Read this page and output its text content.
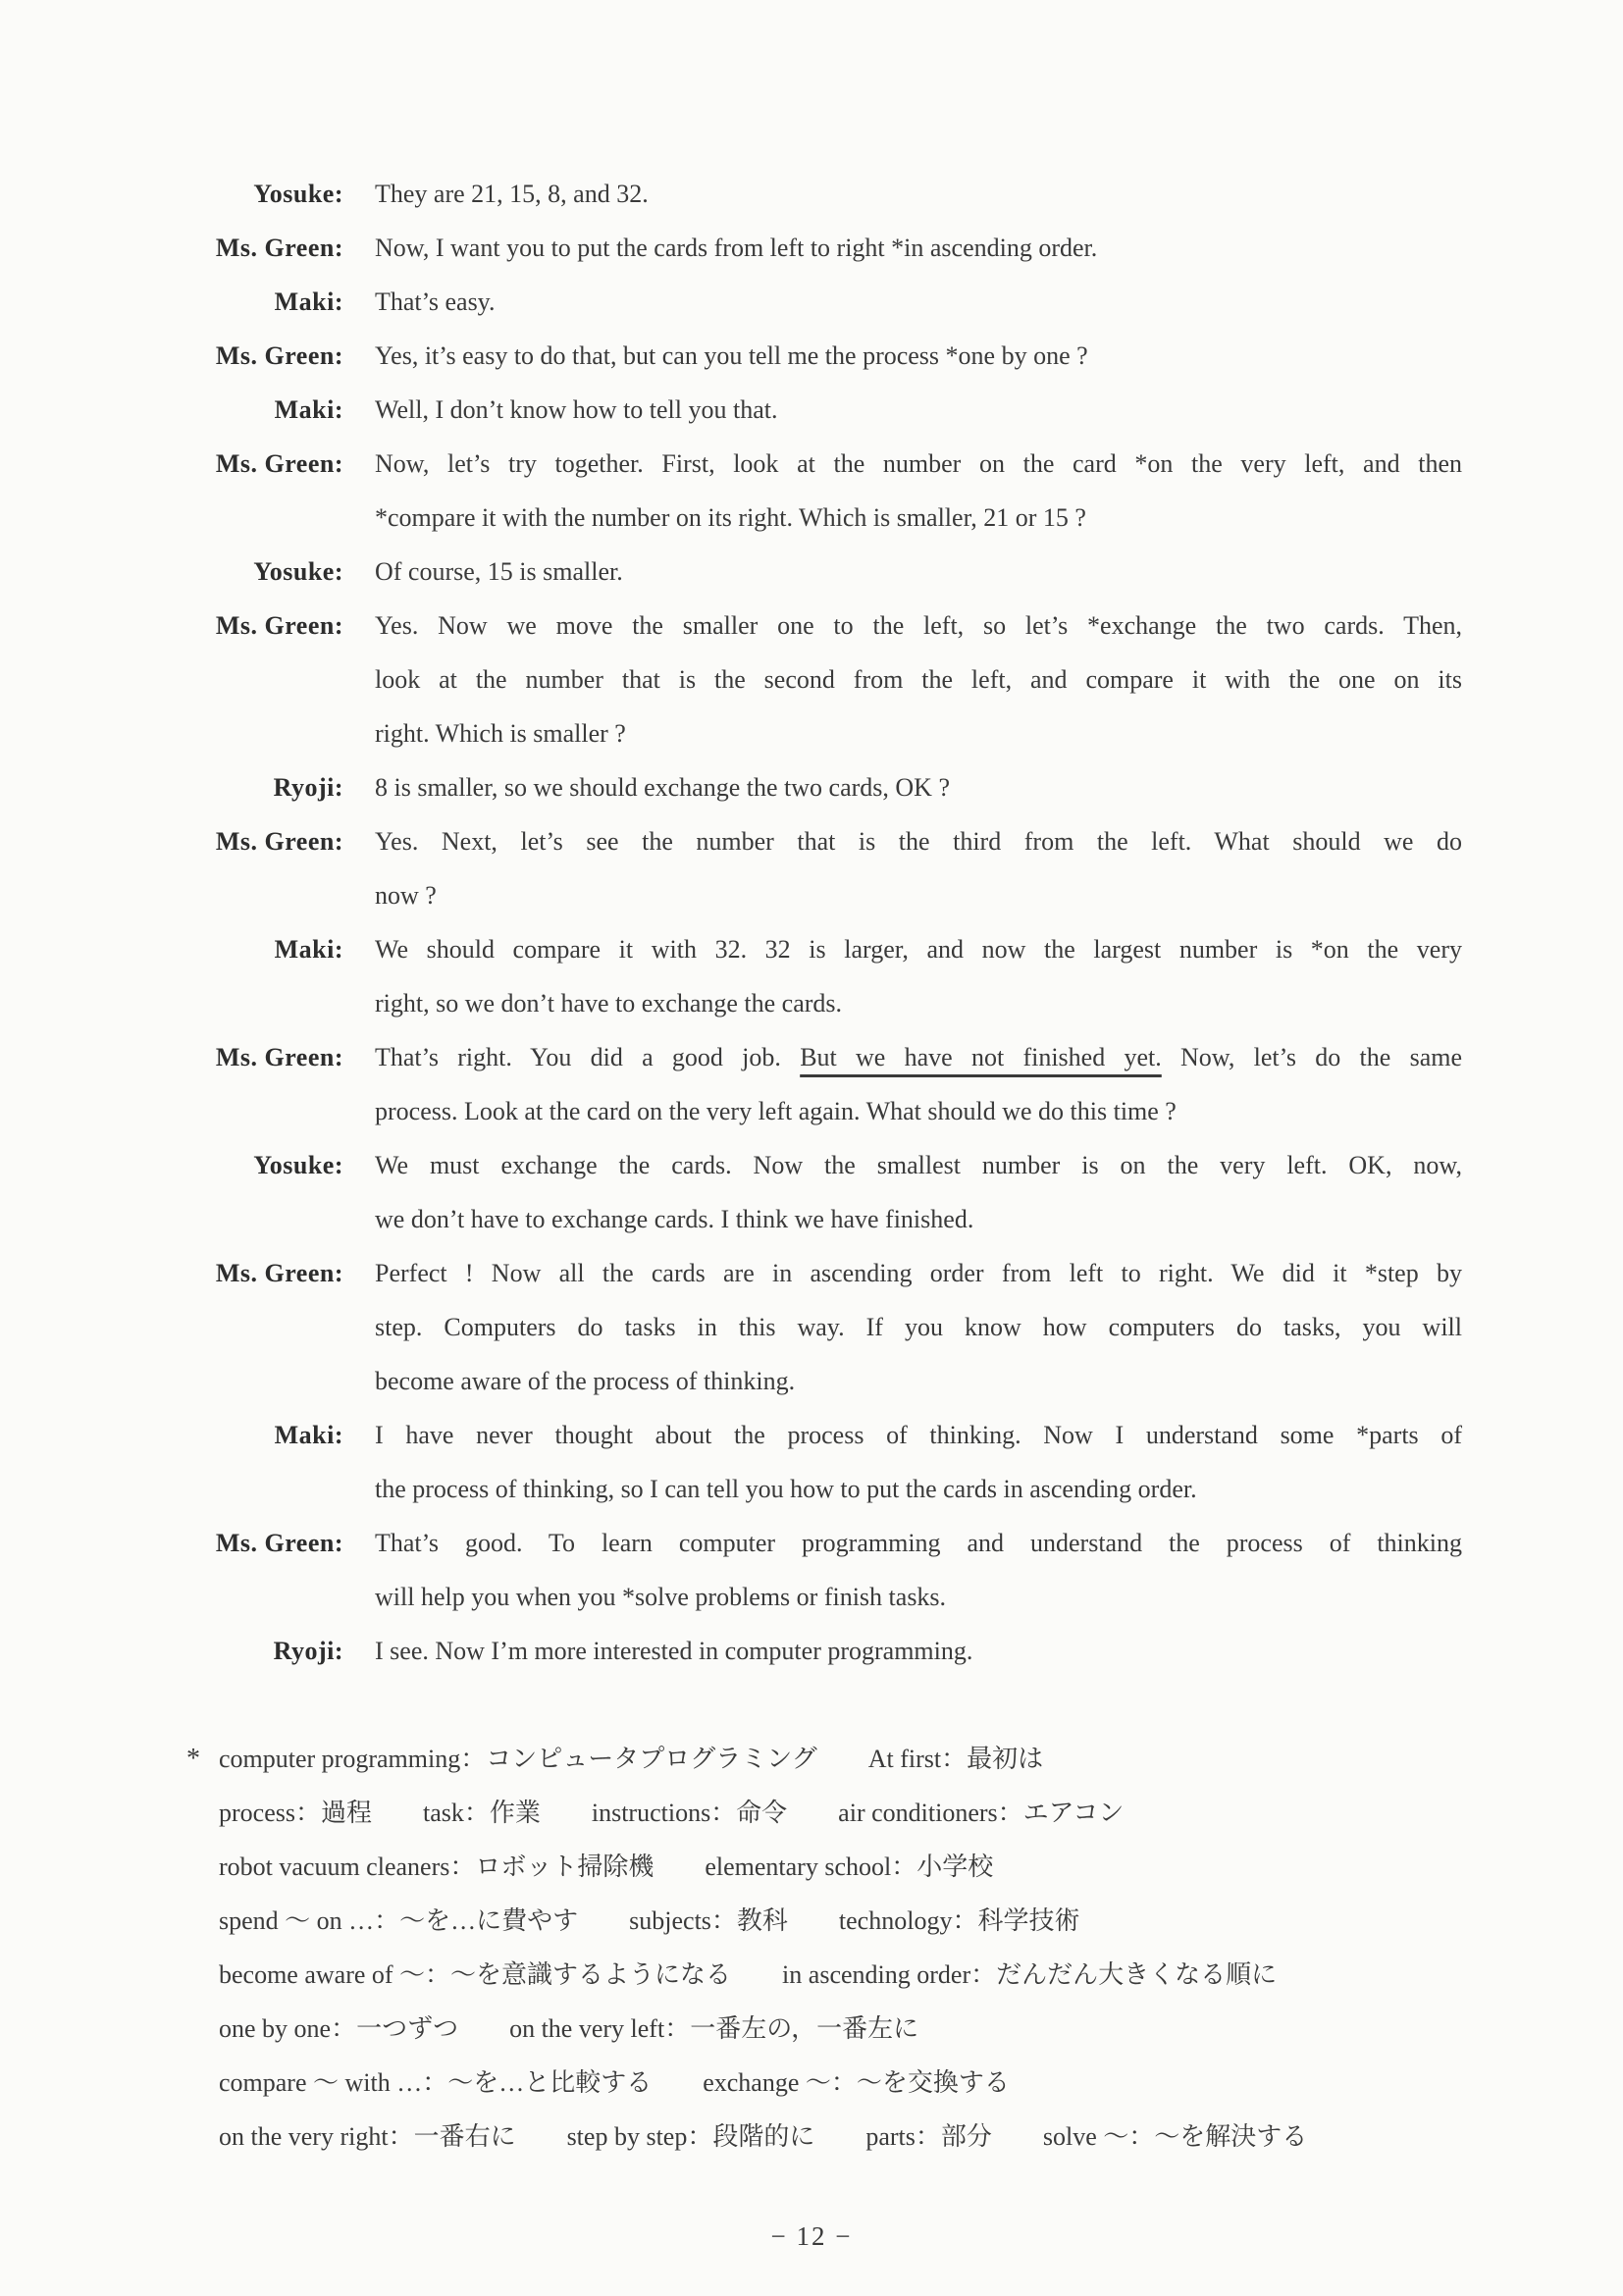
Yosuke: They are 21, 15, 8, and 32.
Ms. Green: Now, I want you to put the cards from left to right *in ascending order.
Maki: That’s easy.
Ms. Green: Yes, it’s easy to do that, but can you tell me the process *one by one ?
Maki: Well, I don’t know how to tell you that.
Ms. Green: Now, let’s try together. First, look at the number on the card *on the very left, and then
*compare it with the number on its right. Which is smaller, 21 or 15 ?
Yosuke: Of course, 15 is smaller.
Ms. Green: Yes. Now we move the smaller one to the left, so let’s *exchange the two cards. Then,
look at the number that is the second from the left, and compare it with the one on its
right. Which is smaller ?
Ryoji: 8 is smaller, so we should exchange the two cards, OK ?
Ms. Green: Yes. Next, let’s see the number that is the third from the left. What should we do
now ?
Maki: We should compare it with 32. 32 is larger, and now the largest number is *on the very
right, so we don’t have to exchange the cards.
Ms. Green: That’s right. You did a good job. But we have not finished yet. Now, let’s do the same
process. Look at the card on the very left again. What should we do this time ?
Yosuke: We must exchange the cards. Now the smallest number is on the very left. OK, now,
we don’t have to exchange cards. I think we have finished.
Ms. Green: Perfect ! Now all the cards are in ascending order from left to right. We did it *step by
step. Computers do tasks in this way. If you know how computers do tasks, you will
become aware of the process of thinking.
Maki: I have never thought about the process of thinking. Now I understand some *parts of
the process of thinking, so I can tell you how to put the cards in ascending order.
Ms. Green: That’s good. To learn computer programming and understand the process of thinking
will help you when you *solve problems or finish tasks.
Ryoji: I see. Now I’m more interested in computer programming.
* computer programming：コンピュータプログラミング　　At first：最初は
process：過程　　task：作業　　instructions：命令　　air conditioners：エアコン
robot vacuum cleaners：ロボット掃除機　　elementary school：小学校
spend ～ on …：～を…に費やす　　subjects：教科　　technology：科学技術
become aware of ～：～を意識するようになる　　in ascending order：だんだん大きくなる順に
one by one：一つずつ　　on the very left：一番左の，一番左に
compare ～ with …：～を…と比較する　　exchange ～：～を交換する
on the very right：一番右に　　step by step：段階的に　　parts：部分　　solve ～：～を解決する
− 12 −
